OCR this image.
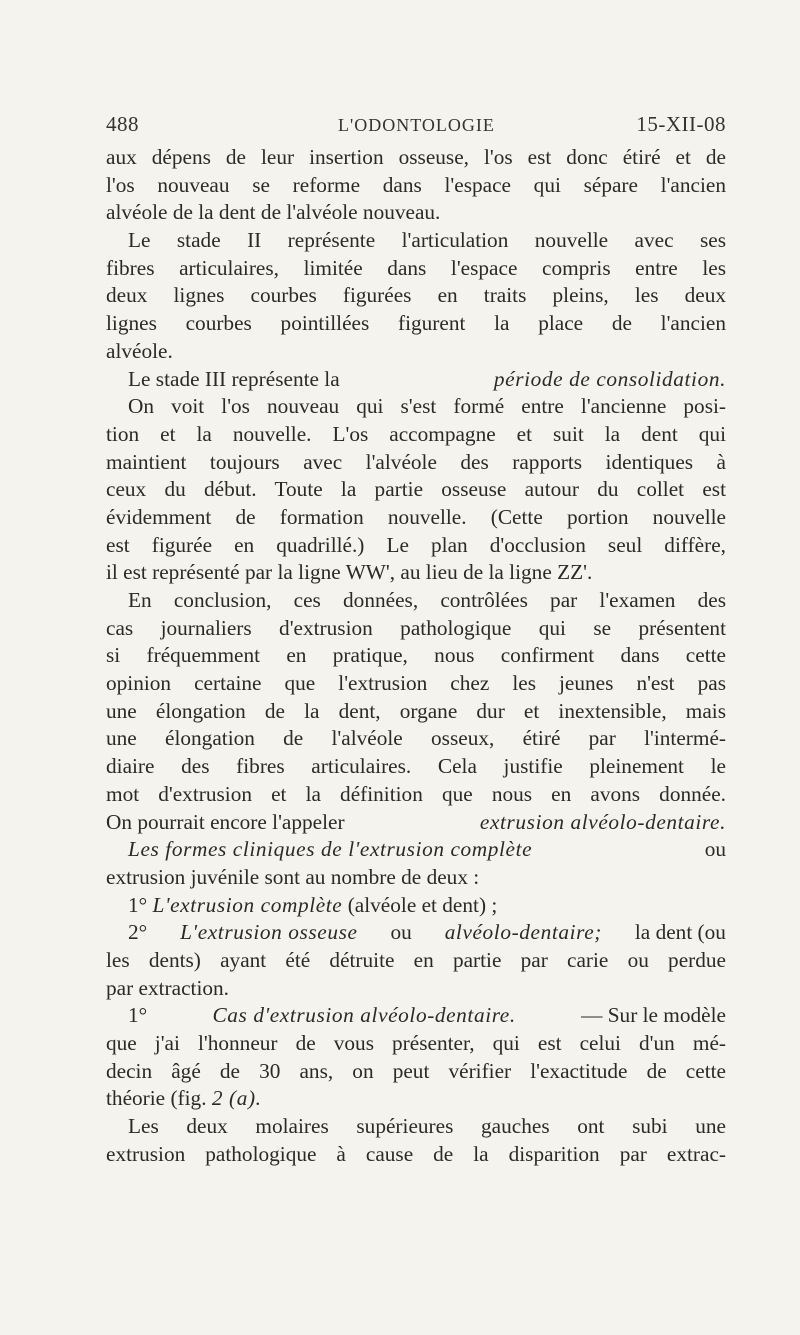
488	L'ODONTOLOGIE	15-XII-08
aux dépens de leur insertion osseuse, l'os est donc étiré et de
l'os nouveau se reforme dans l'espace qui sépare l'ancien
alvéole de la dent de l'alvéole nouveau.
Le stade II représente l'articulation nouvelle avec ses
fibres articulaires, limitée dans l'espace compris entre les
deux lignes courbes figurées en traits pleins, les deux
lignes courbes pointillées figurent la place de l'ancien
alvéole.
Le stade III représente la	période de consolidation.
On voit l'os nouveau qui s'est formé entre l'ancienne posi-
tion et la nouvelle. L'os accompagne et suit la dent qui
maintient toujours avec l'alvéole des rapports identiques à
ceux du début. Toute la partie osseuse autour du collet est
évidemment de formation nouvelle. (Cette portion nouvelle
est figurée en quadrillé.) Le plan d'occlusion seul diffère,
il est représenté par la ligne WW', au lieu de la ligne ZZ'.
En conclusion, ces données, contrôlées par l'examen des
cas journaliers d'extrusion pathologique qui se présentent
si fréquemment en pratique, nous confirment dans cette
opinion certaine que l'extrusion chez les jeunes n'est pas
une élongation de la dent, organe dur et inextensible, mais
une élongation de l'alvéole osseux, étiré par l'intermé-
diaire des fibres articulaires. Cela justifie pleinement le
mot d'extrusion et la définition que nous en avons donnée.
On pourrait encore l'appeler	extrusion alvéolo-dentaire.
Les formes cliniques de l'extrusion complète	ou
extrusion juvénile sont au nombre de deux :
1°
L'extrusion complète
(alvéole et dent) ;
2° L'extrusion osseuse ou alvéolo-dentaire; la dent (ou
les dents) ayant été détruite en partie par carie ou perdue
par extraction.
1°	Cas d'extrusion alvéolo-dentaire.	— Sur le modèle
que j'ai l'honneur de vous présenter, qui est celui d'un mé-
decin âgé de 30 ans, on peut vérifier l'exactitude de cette
théorie (fig.
2 (a).
Les deux molaires supérieures gauches ont subi une
extrusion pathologique à cause de la disparition par extrac-
